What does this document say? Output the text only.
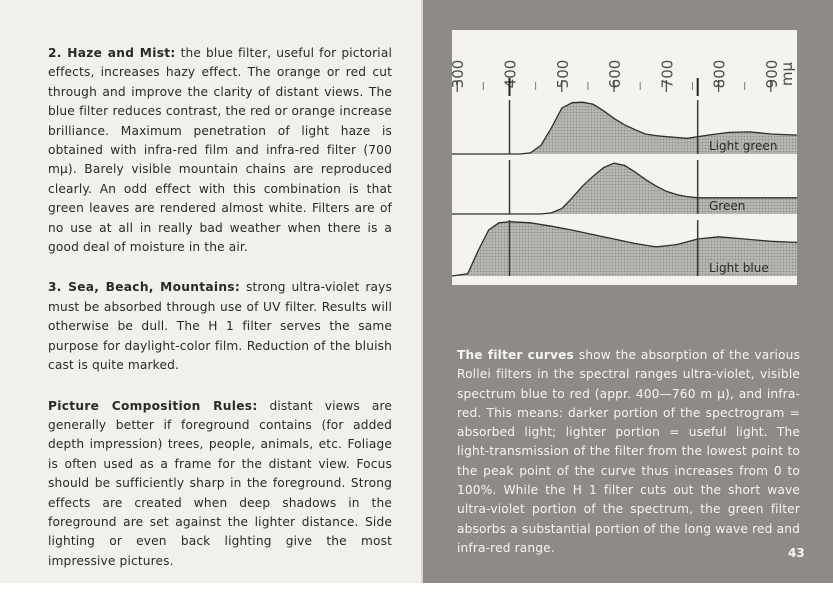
2. Haze and Mist: the blue filter, useful for pictorial effects, increases hazy effect. The orange or red cut through and improve the clarity of distant views. The blue filter reduces contrast, the red or orange increase brilliance. Maximum penetration of light haze is obtained with infra-red film and infra-red filter (700 mμ). Barely visible mountain chains are reproduced clearly. An odd effect with this combination is that green leaves are rendered almost white. Filters are of no use at all in really bad weather when there is a good deal of moisture in the air.

3. Sea, Beach, Mountains: strong ultra-violet rays must be absorbed through use of UV filter. Results will otherwise be dull. The H 1 filter serves the same purpose for daylight-color film. Reduction of the bluish cast is quite marked.

Picture Composition Rules: distant views are generally better if foreground contains (for added depth impression) trees, people, animals, etc. Foliage is often used as a frame for the distant view. Focus should be sufficiently sharp in the foreground. Strong effects are created when deep shadows in the foreground are set against the lighter distance. Side lighting or even back lighting give the most impressive pictures.

300 400 500 600 700 800 900
mμ
Light green
Green
Light blue
The filter curves show the absorption of the various Rollei filters in the spectral ranges ultra-violet, visible spectrum blue to red (appr. 400—760 m μ), and infra-red. This means: darker portion of the spectrogram = absorbed light; lighter portion = useful light. The light-transmission of the filter from the lowest point to the peak point of the curve thus increases from 0 to 100%. While the H 1 filter cuts out the short wave ultra-violet portion of the spectrum, the green filter absorbs a substantial portion of the long wave red and infra-red range.	43
